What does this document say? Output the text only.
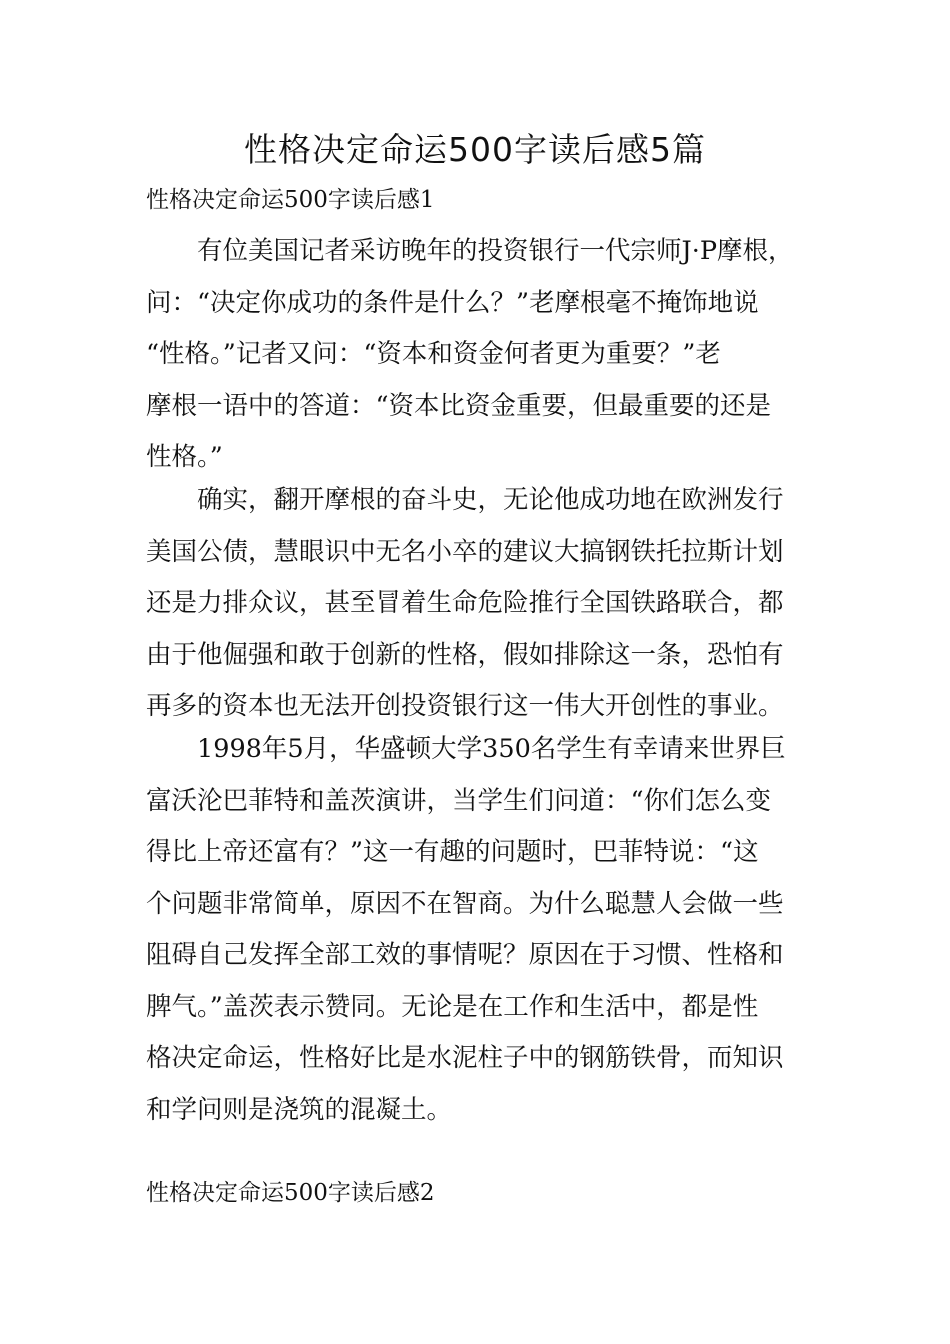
性格决定命运500字读后感5篇
性格决定命运500字读后感1

有位美国记者采访晚年的投资银行一代宗师J·P摩根，
问：“决定你成功的条件是什么？”老摩根毫不掩饰地说
“性格。”记者又问：“资本和资金何者更为重要？”老
摩根一语中的答道：“资本比资金重要，但最重要的还是
性格。”

确实，翻开摩根的奋斗史，无论他成功地在欧洲发行
美国公债，慧眼识中无名小卒的建议大搞钢铁托拉斯计划
还是力排众议，甚至冒着生命危险推行全国铁路联合，都
由于他倔强和敢于创新的性格，假如排除这一条，恐怕有
再多的资本也无法开创投资银行这一伟大开创性的事业。

1998年5月，华盛顿大学350名学生有幸请来世界巨
富沃沦巴菲特和盖茨演讲，当学生们问道：“你们怎么变
得比上帝还富有？”这一有趣的问题时，巴菲特说：“这
个问题非常简单，原因不在智商。为什么聪慧人会做一些
阻碍自己发挥全部工效的事情呢？原因在于习惯、性格和
脾气。”盖茨表示赞同。无论是在工作和生活中，都是性
格决定命运，性格好比是水泥柱子中的钢筋铁骨，而知识
和学问则是浇筑的混凝土。

性格决定命运500字读后感2
